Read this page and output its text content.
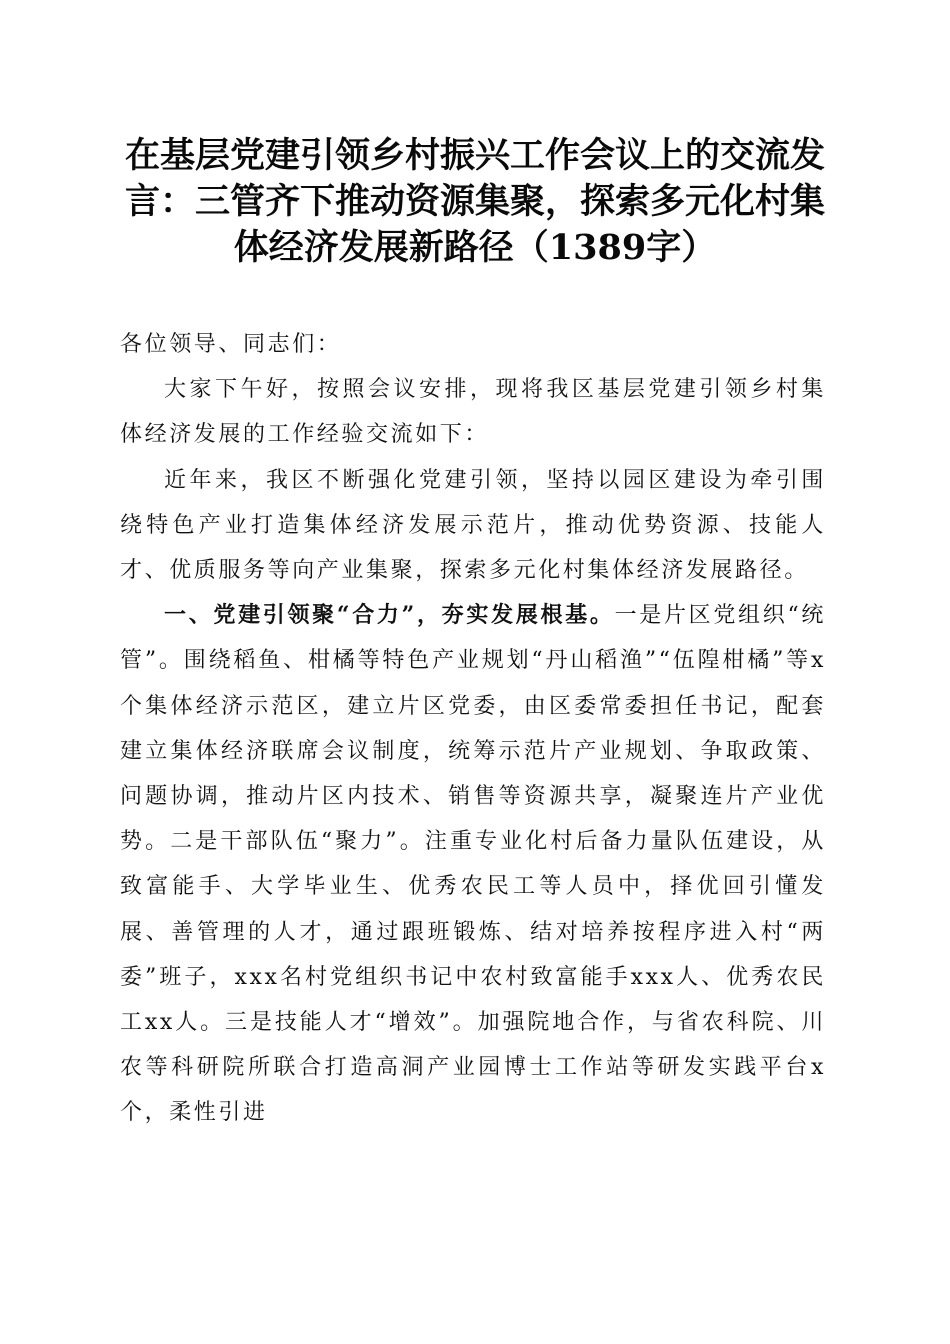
在基层党建引领乡村振兴工作会议上的交流发言：三管齐下推动资源集聚，探索多元化村集体经济发展新路径（1389字）

各位领导、同志们：

大家下午好，按照会议安排，现将我区基层党建引领乡村集体经济发展的工作经验交流如下：

近年来，我区不断强化党建引领，坚持以园区建设为牵引围绕特色产业打造集体经济发展示范片，推动优势资源、技能人才、优质服务等向产业集聚，探索多元化村集体经济发展路径。

一、党建引领聚“合力”，夯实发展根基。一是片区党组织“统管”。围绕稻鱼、柑橘等特色产业规划“丹山稻渔”“伍隍柑橘”等x个集体经济示范区，建立片区党委，由区委常委担任书记，配套建立集体经济联席会议制度，统筹示范片产业规划、争取政策、问题协调，推动片区内技术、销售等资源共享，凝聚连片产业优势。二是干部队伍“聚力”。注重专业化村后备力量队伍建设，从致富能手、大学毕业生、优秀农民工等人员中，择优回引懂发展、善管理的人才，通过跟班锻炼、结对培养按程序进入村“两委”班子，xxx名村党组织书记中农村致富能手xxx人、优秀农民工xx人。三是技能人才“增效”。加强院地合作，与省农科院、川农等科研院所联合打造高洞产业园博士工作站等研发实践平台x个，柔性引进
